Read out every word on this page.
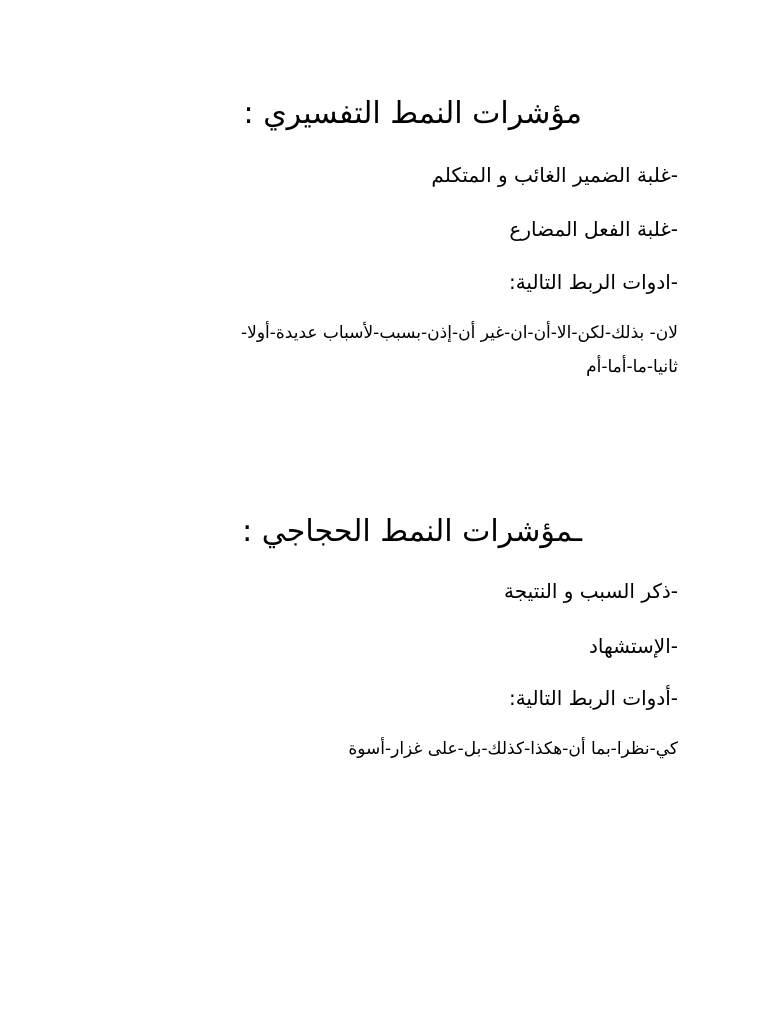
مؤشرات النمط التفسيري :
-غلبة الضمير الغائب و المتكلم
-غلبة الفعل المضارع
-ادوات الربط التالية:
لان- بذلك-لكن-الا-أن-ان-غير أن-إذن-بسبب-لأسباب عديدة-أولا-
ثانيا-ما-أما-أم
ـمؤشرات النمط الحجاجي :
-ذكر السبب و النتيجة
-الإستشهاد
-أدوات الربط التالية:
كي-نظرا-بما أن-هكذا-كذلك-بل-على غزار-أسوة
